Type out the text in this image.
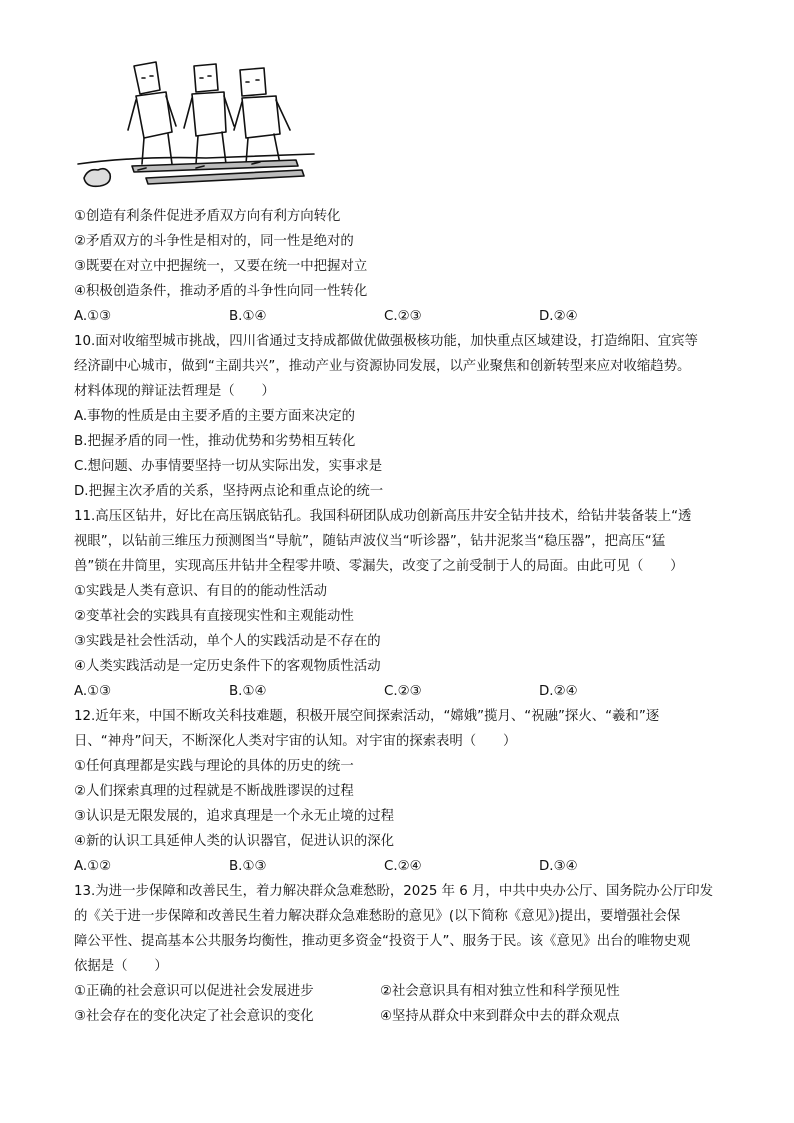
①创造有利条件促进矛盾双方向有利方向转化
②矛盾双方的斗争性是相对的，同一性是绝对的
③既要在对立中把握统一，又要在统一中把握对立
④积极创造条件，推动矛盾的斗争性向同一性转化
A.①③	B.①④	C.②③	D.②④
10.面对收缩型城市挑战，四川省通过支持成都做优做强极核功能，加快重点区域建设，打造绵阳、宜宾等
经济副中心城市，做到“主副共兴”，推动产业与资源协同发展，以产业聚焦和创新转型来应对收缩趋势。
材料体现的辩证法哲理是（　　）
A.事物的性质是由主要矛盾的主要方面来决定的
B.把握矛盾的同一性，推动优势和劣势相互转化
C.想问题、办事情要坚持一切从实际出发，实事求是
D.把握主次矛盾的关系，坚持两点论和重点论的统一
11.高压区钻井，好比在高压锅底钻孔。我国科研团队成功创新高压井安全钻井技术，给钻井装备装上“透
视眼”，以钻前三维压力预测图当“导航”，随钻声波仪当“听诊器”，钻井泥浆当“稳压器”，把高压“猛
兽”锁在井筒里，实现高压井钻井全程零井喷、零漏失，改变了之前受制于人的局面。由此可见（　　）
①实践是人类有意识、有目的的能动性活动
②变革社会的实践具有直接现实性和主观能动性
③实践是社会性活动，单个人的实践活动是不存在的
④人类实践活动是一定历史条件下的客观物质性活动
A.①③	B.①④	C.②③	D.②④
12.近年来，中国不断攻关科技难题，积极开展空间探索活动，“嫦娥”揽月、“祝融”探火、“羲和”逐
日、“神舟”问天，不断深化人类对宇宙的认知。对宇宙的探索表明（　　）
①任何真理都是实践与理论的具体的历史的统一
②人们探索真理的过程就是不断战胜谬误的过程
③认识是无限发展的，追求真理是一个永无止境的过程
④新的认识工具延伸人类的认识器官，促进认识的深化
A.①②	B.①③	C.②④	D.③④
13.为进一步保障和改善民生，着力解决群众急难愁盼，2025 年 6 月，中共中央办公厅、国务院办公厅印发
的《关于进一步保障和改善民生着力解决群众急难愁盼的意见》(以下简称《意见》)提出，要增强社会保
障公平性、提高基本公共服务均衡性，推动更多资金“投资于人”、服务于民。该《意见》出台的唯物史观
依据是（　　）
①正确的社会意识可以促进社会发展进步	②社会意识具有相对独立性和科学预见性
③社会存在的变化决定了社会意识的变化	④坚持从群众中来到群众中去的群众观点
